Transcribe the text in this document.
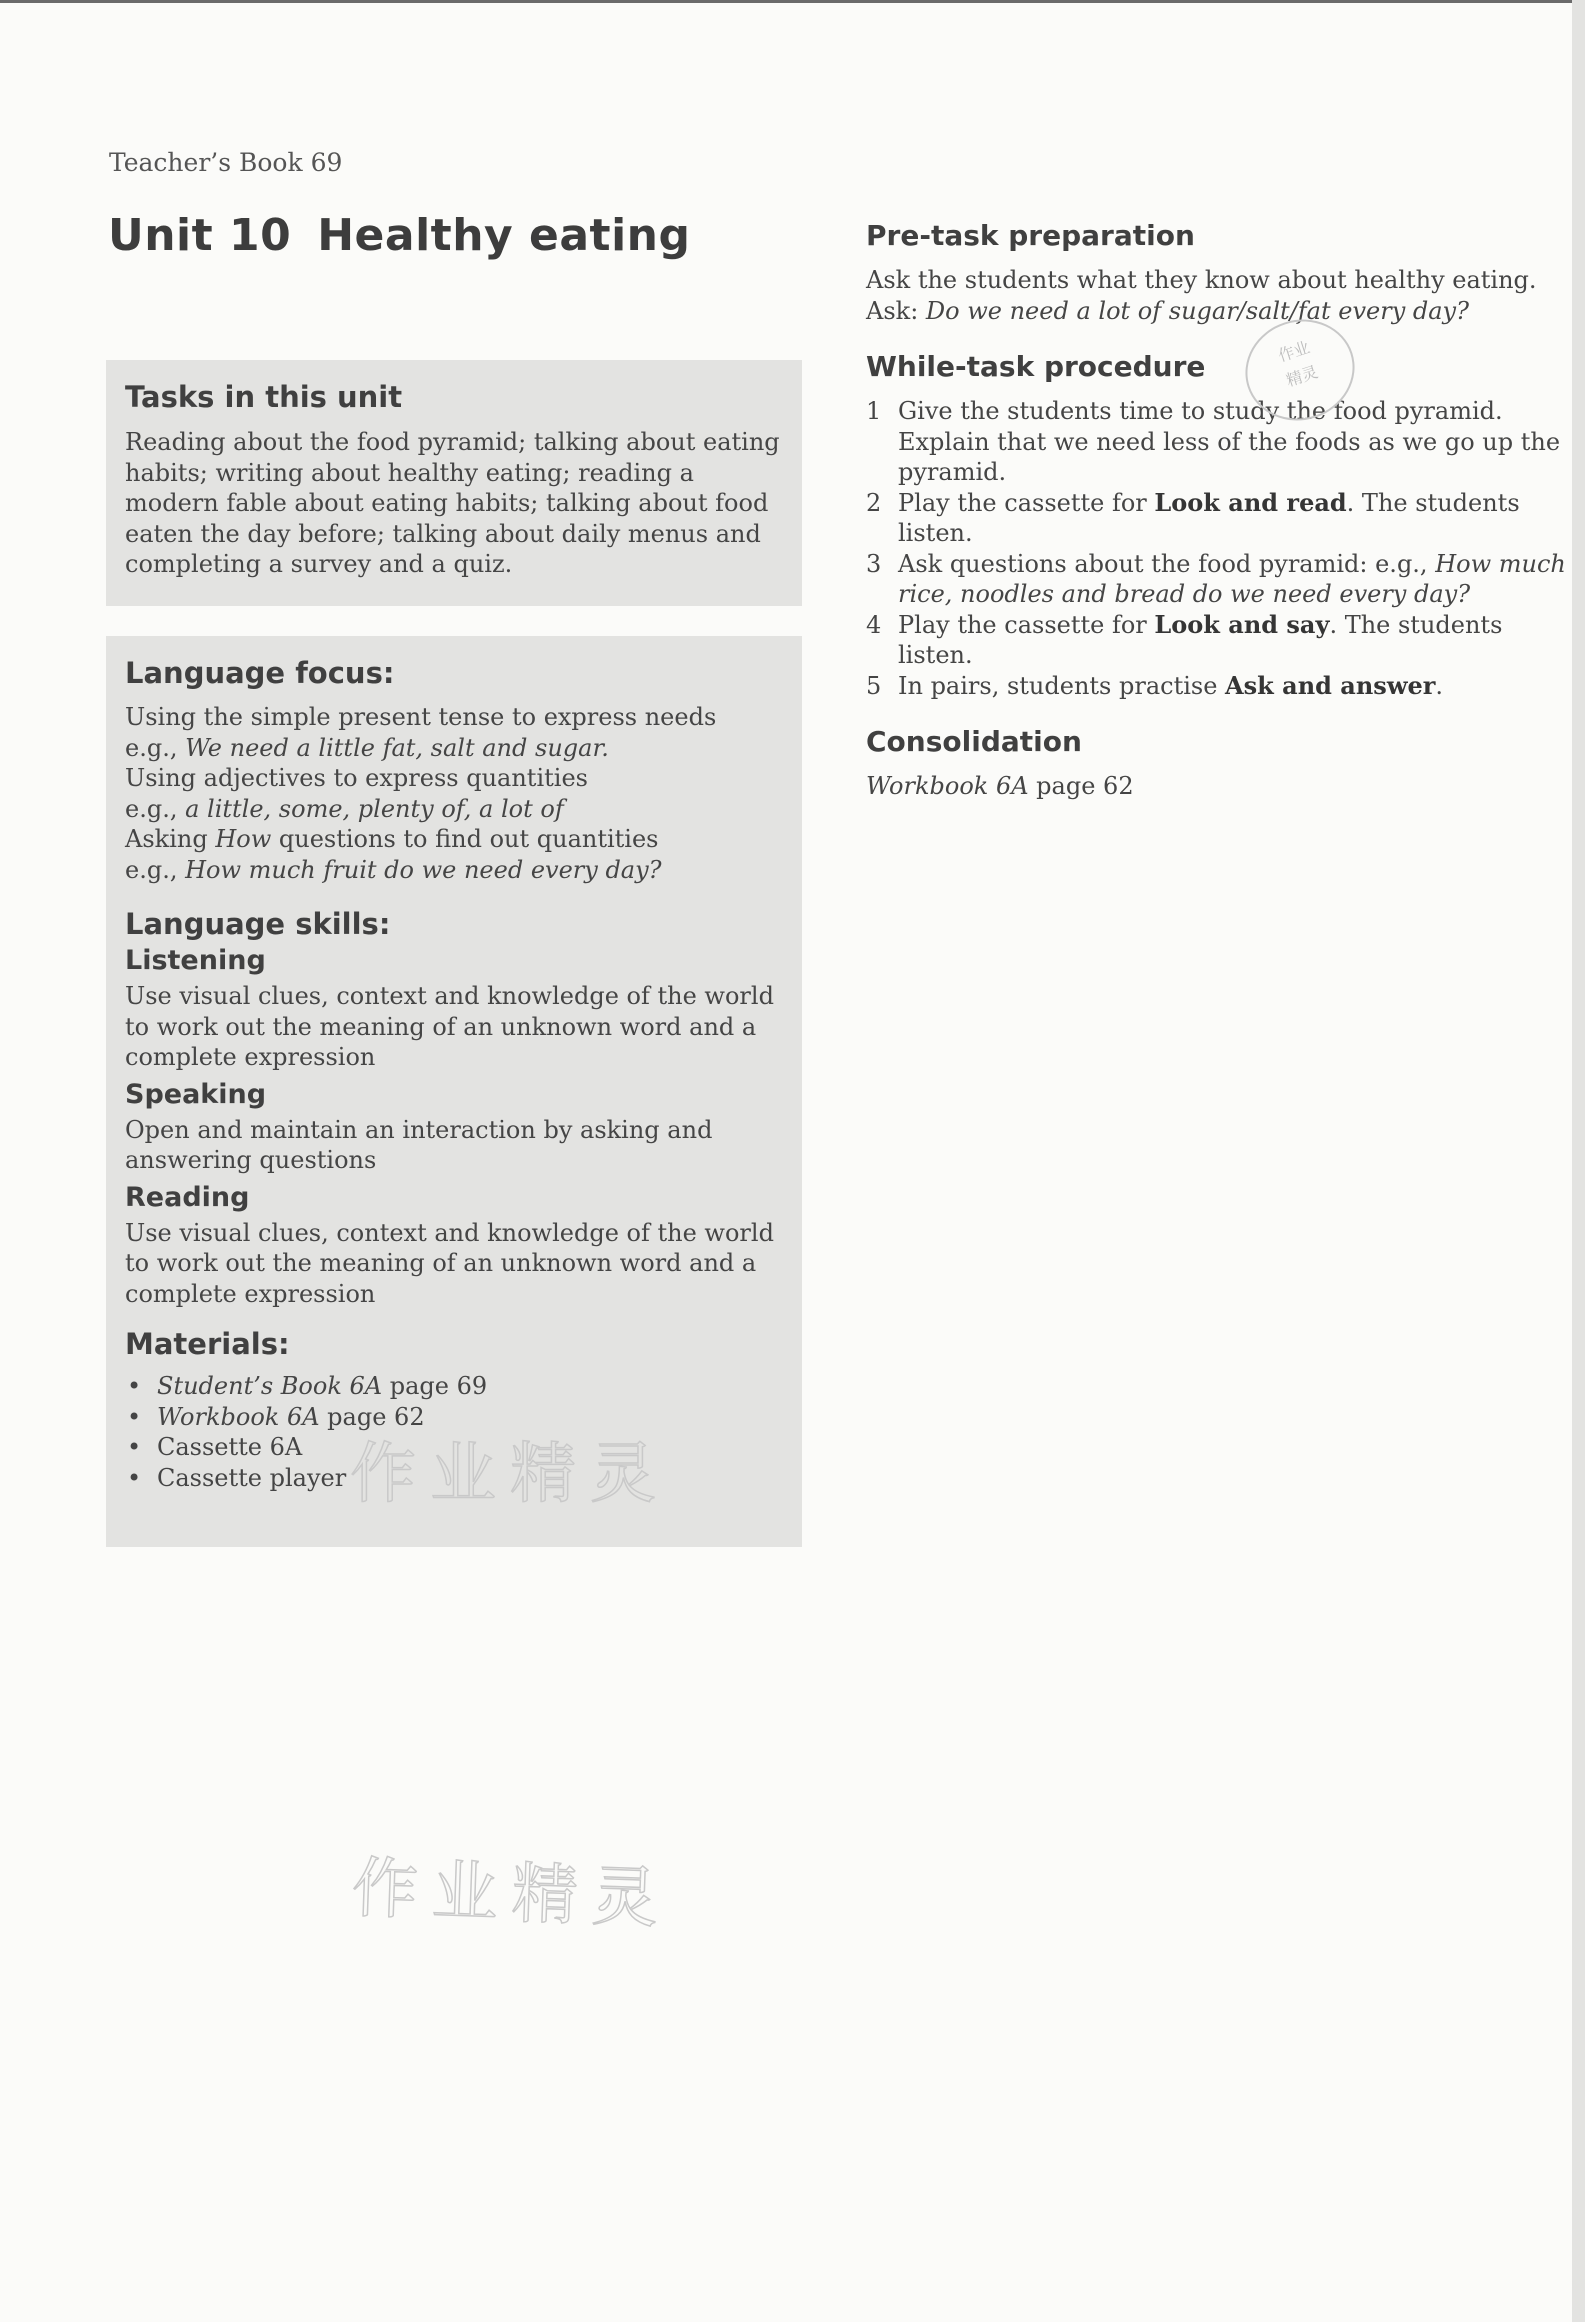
Teacher’s Book 69
Unit 10 Healthy eating
Tasks in this unit

Reading about the food pyramid; talking about eating habits; writing about healthy eating; reading a modern fable about eating habits; talking about food eaten the day before; talking about daily menus and completing a survey and a quiz.

Language focus:
Using the simple present tense to express needs
e.g., We need a little fat, salt and sugar.
Using adjectives to express quantities
e.g., a little, some, plenty of, a lot of
Asking How questions to find out quantities
e.g., How much fruit do we need every day?
Language skills:
Listening

Use visual clues, context and knowledge of the world to work out the meaning of an unknown word and a complete expression

Speaking

Open and maintain an interaction by asking and answering questions

Reading

Use visual clues, context and knowledge of the world to work out the meaning of an unknown word and a complete expression

Materials:
• Student’s Book 6A page 69
• Workbook 6A page 62
• Cassette 6A
• Cassette player
Pre-task preparation

Ask the students what they know about healthy eating.
Ask: Do we need a lot of sugar/salt/fat every day?

While-task procedure
1 Give the students time to study the food pyramid. Explain that we need less of the foods as we go up the pyramid.
2 Play the cassette for Look and read. The students listen.
3 Ask questions about the food pyramid: e.g., How much rice, noodles and bread do we need every day?
4 Play the cassette for Look and say. The students listen.
5 In pairs, students practise Ask and answer.
Consolidation

Workbook 6A page 62

作业精灵
作业精灵
作业
精灵
